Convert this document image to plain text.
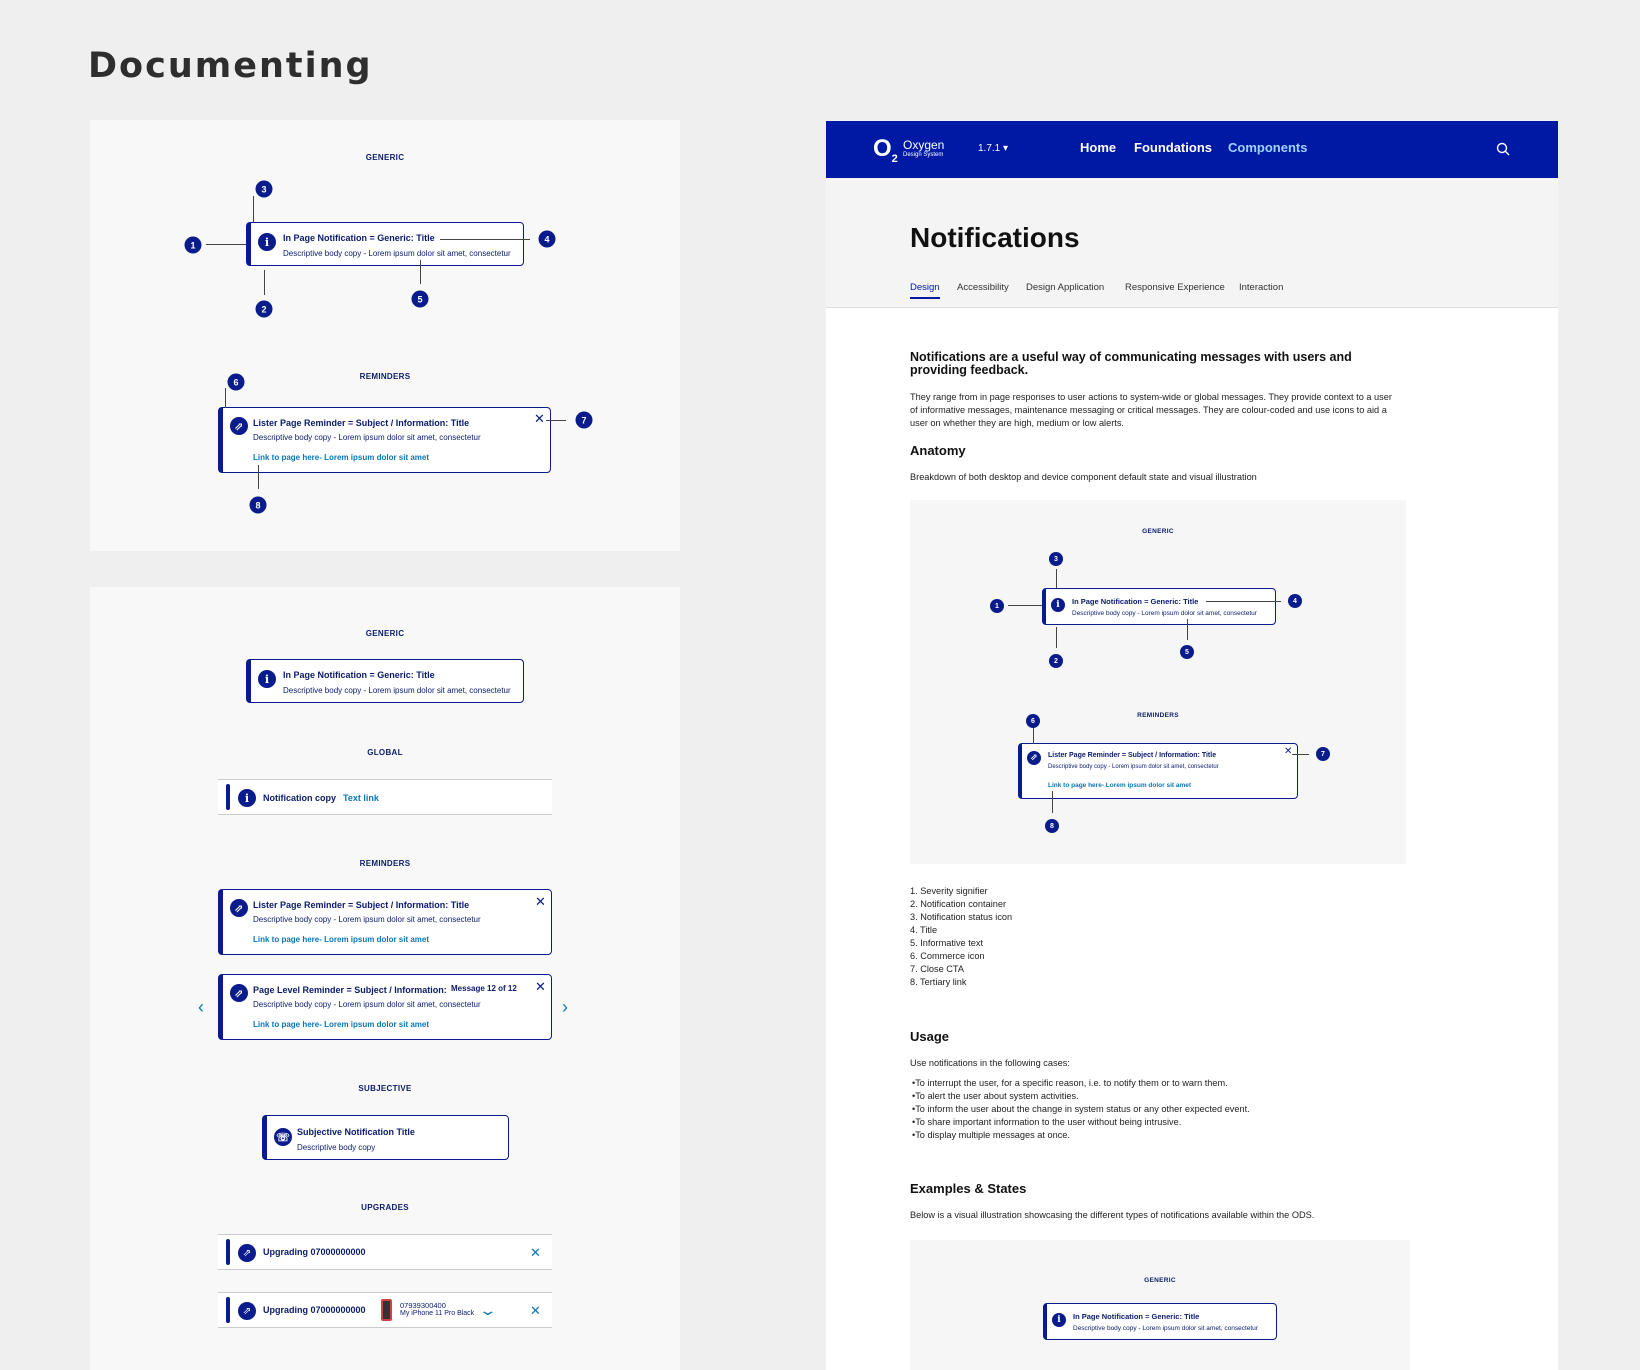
Documenting
GENERIC
i	In Page Notification = Generic: Title
Descriptive body copy - Lorem ipsum dolor sit amet, consectetur
3
1
2
4
5
REMINDERS
⇗	Lister Page Reminder = Subject / Information: Title
Descriptive body copy - Lorem ipsum dolor sit amet, consectetur
Link to page here- Lorem ipsum dolor sit amet
✕
6
7
8
GENERIC
i	In Page Notification = Generic: Title
Descriptive body copy - Lorem ipsum dolor sit amet, consectetur
GLOBAL
i	Notification copy Text link
REMINDERS
⇗	Lister Page Reminder = Subject / Information: Title
Descriptive body copy - Lorem ipsum dolor sit amet, consectetur
Link to page here- Lorem ipsum dolor sit amet
✕
‹
⇗	Page Level Reminder = Subject / Information: Message 12 of 12
Descriptive body copy - Lorem ipsum dolor sit amet, consectetur
Link to page here- Lorem ipsum dolor sit amet
✕
›
SUBJECTIVE
☏ Subjective Notification Title
Descriptive body copy
UPGRADES
⇗	Upgrading 07000000000	✕
⇗	Upgrading 07000000000	07939300400
My iPhone 11 Pro Black ⌄	✕
$O_2$
Oxygen
Design System
1.7.1 ▾	Home Foundations Components
Notifications
Design Accessibility Design Application Responsive Experience Interaction
Notifications are a useful way of communicating messages with users and providing feedback.

They range from in page responses to user actions to system-wide or global messages. They provide context to a user of informative messages, maintenance messaging or critical messages. They are colour-coded and use icons to aid a user on whether they are high, medium or low alerts.

Anatomy

Breakdown of both desktop and device component default state and visual illustration

GENERIC
i	In Page Notification = Generic: Title
Descriptive body copy - Lorem ipsum dolor sit amet, consectetur
3
1
2
4
5
REMINDERS
⇗	Lister Page Reminder = Subject / Information: Title
Descriptive body copy - Lorem ipsum dolor sit amet, consectetur
Link to page here- Lorem ipsum dolor sit amet
✕
6
7
8
1. Severity signifier
2. Notification container
3. Notification status icon
4. Title
5. Informative text
6. Commerce icon
7. Close CTA
8. Tertiary link
Usage

Use notifications in the following cases:

•To interrupt the user, for a specific reason, i.e. to notify them or to warn them.
•To alert the user about system activities.
•To inform the user about the change in system status or any other expected event.
•To share important information to the user without being intrusive.
•To display multiple messages at once.
Examples & States

Below is a visual illustration showcasing the different types of notifications available within the ODS.

GENERIC
i	In Page Notification = Generic: Title
Descriptive body copy - Lorem ipsum dolor sit amet, consectetur
